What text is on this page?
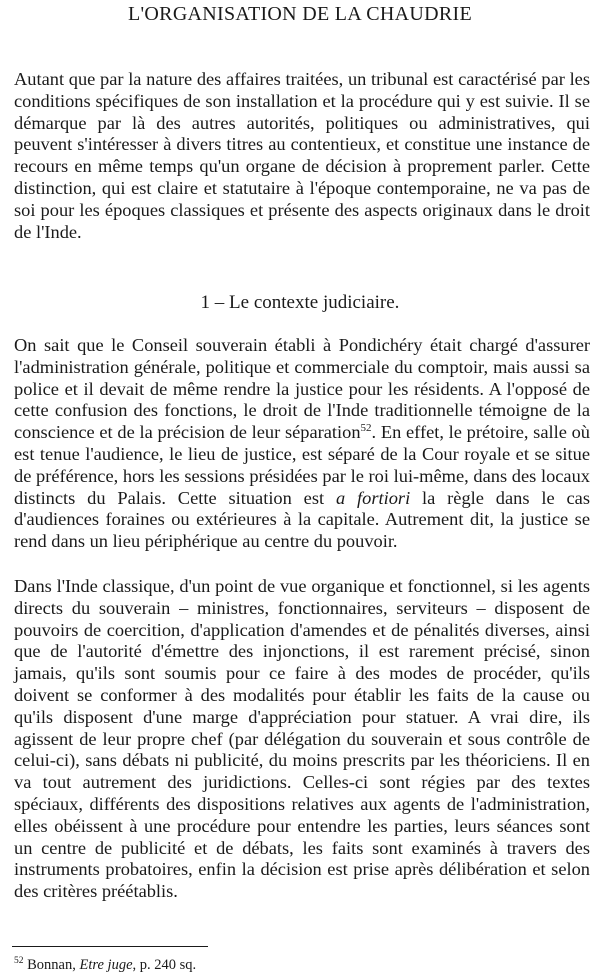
L'ORGANISATION DE LA CHAUDRIE

Autant que par la nature des affaires traitées, un tribunal est caractérisé par les conditions spécifiques de son installation et la procédure qui y est suivie. Il se démarque par là des autres autorités, politiques ou administratives, qui peuvent s'intéresser à divers titres au contentieux, et constitue une instance de recours en même temps qu'un organe de décision à proprement parler. Cette distinction, qui est claire et statutaire à l'époque contemporaine, ne va pas de soi pour les époques classiques et présente des aspects originaux dans le droit de l'Inde.

1 – Le contexte judiciaire.

On sait que le Conseil souverain établi à Pondichéry était chargé d'assurer l'administration générale, politique et commerciale du comptoir, mais aussi sa police et il devait de même rendre la justice pour les résidents. A l'opposé de cette confusion des fonctions, le droit de l'Inde traditionnelle témoigne de la conscience et de la précision de leur séparation$^{52}$. En effet, le prétoire, salle où est tenue l'audience, le lieu de justice, est séparé de la Cour royale et se situe de préférence, hors les sessions présidées par le roi lui-même, dans des locaux distincts du Palais. Cette situation est a fortiori la règle dans le cas d'audiences foraines ou extérieures à la capitale. Autrement dit, la justice se rend dans un lieu périphérique au centre du pouvoir.

Dans l'Inde classique, d'un point de vue organique et fonctionnel, si les agents directs du souverain – ministres, fonctionnaires, serviteurs – disposent de pouvoirs de coercition, d'application d'amendes et de pénalités diverses, ainsi que de l'autorité d'émettre des injonctions, il est rarement précisé, sinon jamais, qu'ils sont soumis pour ce faire à des modes de procéder, qu'ils doivent se conformer à des modalités pour établir les faits de la cause ou qu'ils disposent d'une marge d'appréciation pour statuer. A vrai dire, ils agissent de leur propre chef (par délégation du souverain et sous contrôle de celui-ci), sans débats ni publicité, du moins prescrits par les théoriciens. Il en va tout autrement des juridictions. Celles-ci sont régies par des textes spéciaux, différents des dispositions relatives aux agents de l'administration, elles obéissent à une procédure pour entendre les parties, leurs séances sont un centre de publicité et de débats, les faits sont examinés à travers des instruments probatoires, enfin la décision est prise après délibération et selon des critères préétablis.

$^{52}$ Bonnan, Etre juge, p. 240 sq.
